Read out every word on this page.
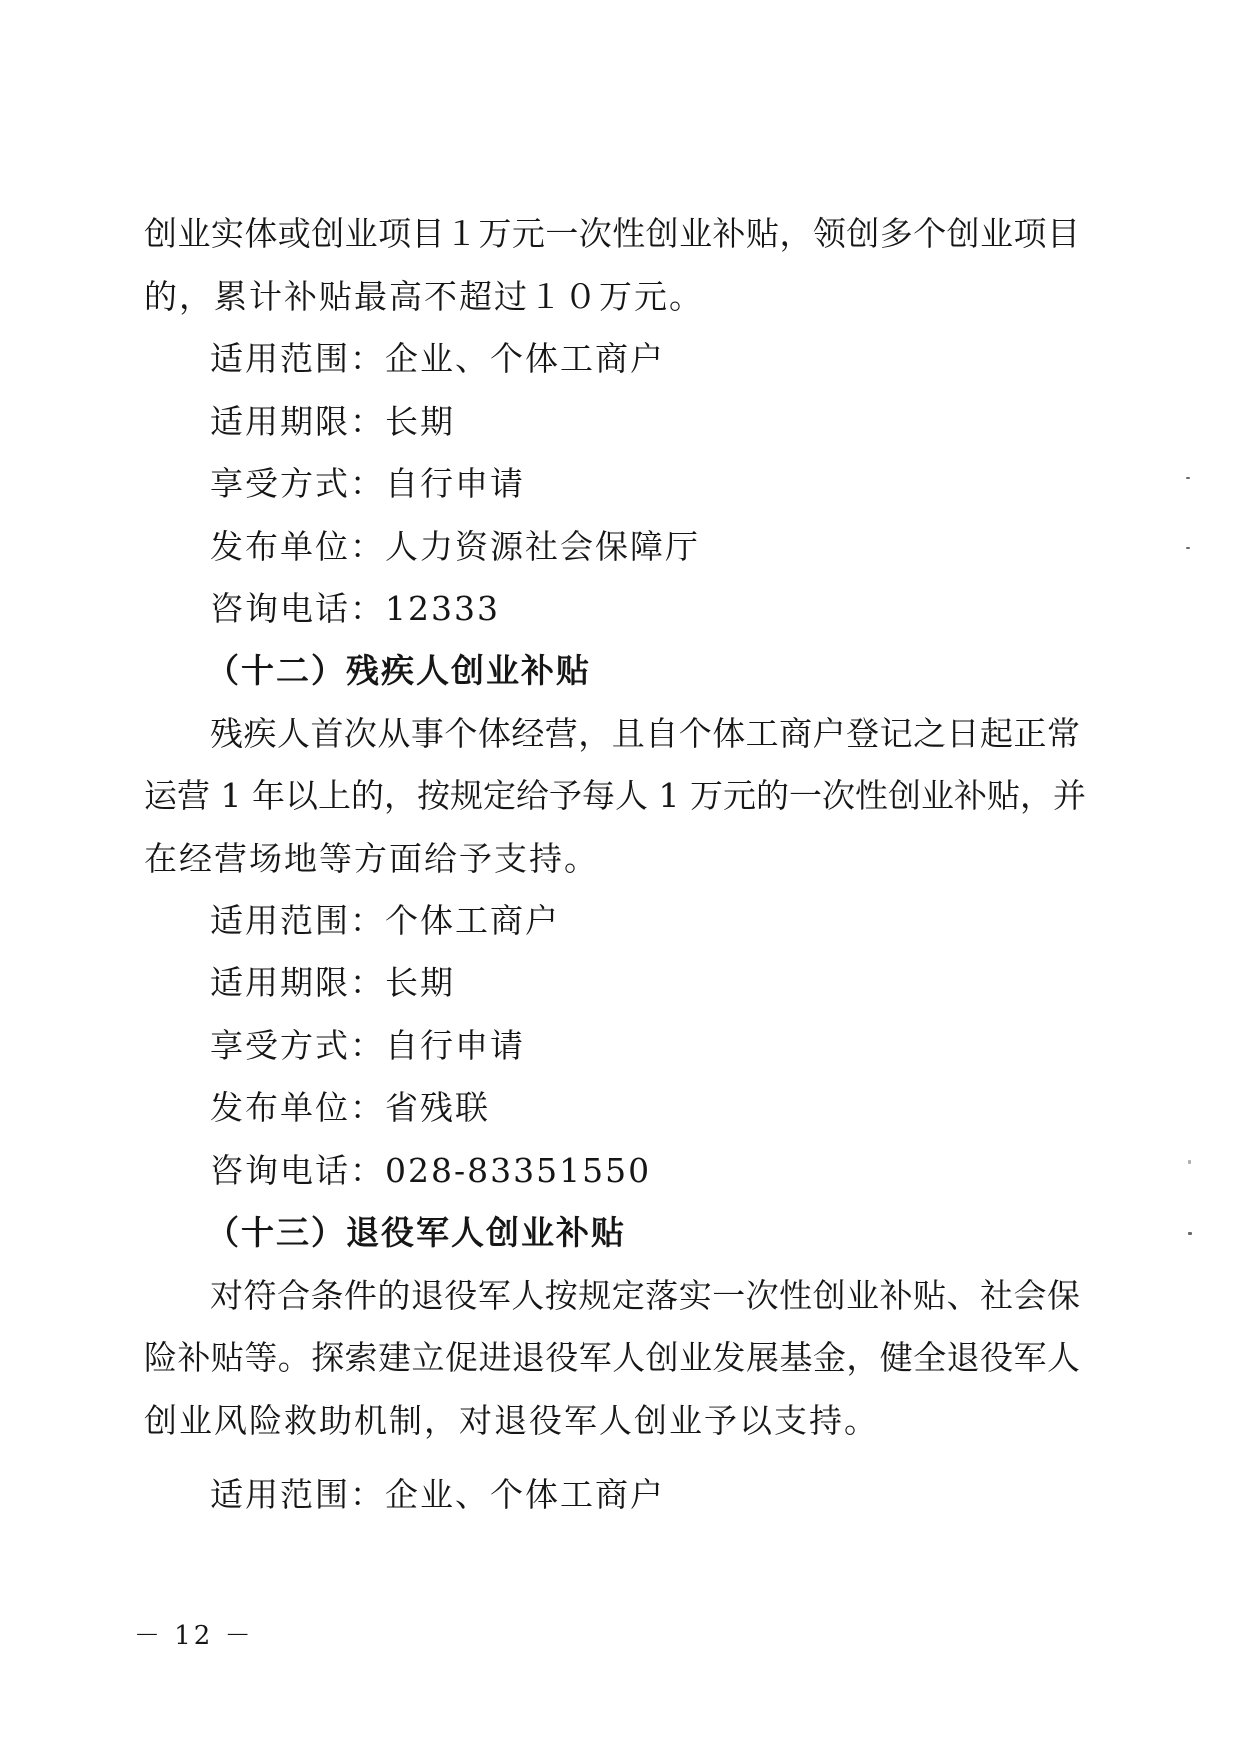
创业实体或创业项目１万元一次性创业补贴，领创多个创业项目
的，累计补贴最高不超过１０万元。
适用范围：企业、个体工商户
适用期限：长期
享受方式：自行申请
发布单位：人力资源社会保障厅
咨询电话：12333
（十二）残疾人创业补贴
残疾人首次从事个体经营，且自个体工商户登记之日起正常
运营 1 年以上的，按规定给予每人 1 万元的一次性创业补贴，并
在经营场地等方面给予支持。
适用范围：个体工商户
适用期限：长期
享受方式：自行申请
发布单位：省残联
咨询电话：028-83351550
（十三）退役军人创业补贴
对符合条件的退役军人按规定落实一次性创业补贴、社会保
险补贴等。探索建立促进退役军人创业发展基金，健全退役军人
创业风险救助机制，对退役军人创业予以支持。
适用范围：企业、个体工商户
－ 12 －
